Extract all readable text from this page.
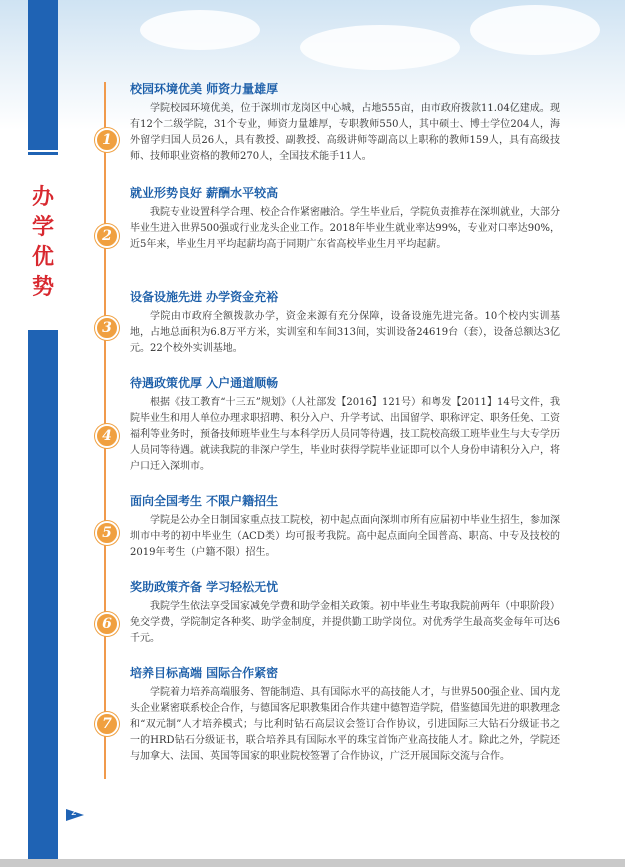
办
学
优
势
1
2
3
4
5
6
7
校园环境优美 师资力量雄厚

学院校园环境优美，位于深圳市龙岗区中心城，占地555亩，由市政府拨款11.04亿建成。现有12个二级学院，31个专业，师资力量雄厚，专职教师550人，其中硕士、博士学位204人，海外留学归国人员26人，具有教授、副教授、高级讲师等副高以上职称的教师159人，具有高级技师、技师职业资格的教师270人，全国技术能手11人。

就业形势良好 薪酬水平较高

我院专业设置科学合理、校企合作紧密融洽。学生毕业后，学院负责推荐在深圳就业，大部分毕业生进入世界500强或行业龙头企业工作。2018年毕业生就业率达99%，专业对口率达90%，近5年来，毕业生月平均起薪均高于同期广东省高校毕业生月平均起薪。

设备设施先进 办学资金充裕

学院由市政府全额拨款办学，资金来源有充分保障，设备设施先进完备。10个校内实训基地，占地总面积为6.8万平方米，实训室和车间313间，实训设备24619台（套），设备总额达3亿元。22个校外实训基地。

待遇政策优厚 入户通道顺畅

根据《技工教育“十三五”规划》（人社部发【2016】121号）和粤发【2011】14号文件，我院毕业生和用人单位办理求职招聘、积分入户、升学考试、出国留学、职称评定、职务任免、工资福利等业务时，预备技师班毕业生与本科学历人员同等待遇，技工院校高级工班毕业生与大专学历人员同等待遇。就读我院的非深户学生，毕业时获得学院毕业证即可以个人身份申请积分入户，将户口迁入深圳市。

面向全国考生 不限户籍招生

学院是公办全日制国家重点技工院校，初中起点面向深圳市所有应届初中毕业生招生，参加深圳市中考的初中毕业生（ACD类）均可报考我院。高中起点面向全国普高、职高、中专及技校的2019年考生（户籍不限）招生。

奖助政策齐备 学习轻松无忧

我院学生依法享受国家减免学费和助学金相关政策。初中毕业生考取我院前两年（中职阶段）免交学费，学院制定各种奖、助学金制度，并提供勤工助学岗位。对优秀学生最高奖金每年可达6千元。

培养目标高端 国际合作紧密

学院着力培养高端服务、智能制造、具有国际水平的高技能人才，与世界500强企业、国内龙头企业紧密联系校企合作，与德国客尼职教集团合作共建中德智造学院，借鉴德国先进的职教理念和“双元制”人才培养模式；与比利时钻石高层议会签订合作协议，引进国际三大钻石分级证书之一的HRD钻石分级证书，联合培养具有国际水平的珠宝首饰产业高技能人才。除此之外，学院还与加拿大、法国、英国等国家的职业院校签署了合作协议，广泛开展国际交流与合作。

2
